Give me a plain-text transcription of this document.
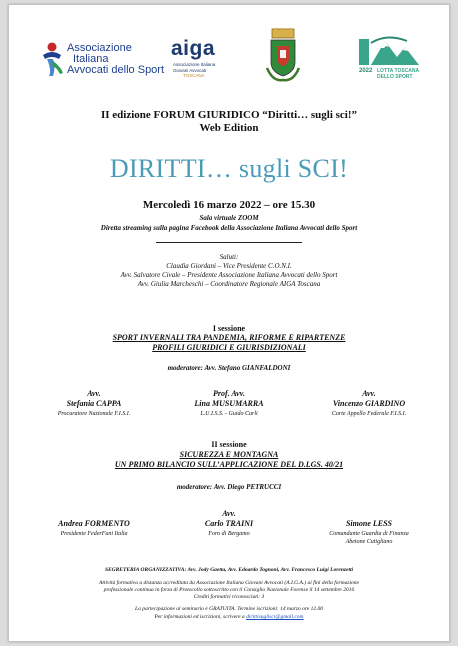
Associazione
Italiana
Avvocati dello Sport
aiga
Associazione Italiana
Giovani Avvocati
TOSCANA
2022 LOTTA TOSCANA
DELLO SPORT
II edizione FORUM GIURIDICO “Diritti… sugli sci!”
Web Edition
DIRITTI… sugli SCI!
Mercoledì 16 marzo 2022 – ore 15.30
Sala virtuale ZOOM
Diretta streaming sulla pagina Facebook della Associazione Italiana Avvocati dello Sport
Saluti:
Claudia Giordani – Vice Presidente C.O.N.I.
Avv. Salvatore Civale – Presidente Associazione Italiana Avvocati dello Sport
Avv. Giulia Marcheschi – Coordinatore Regionale AIGA Toscana
I sessione
SPORT INVERNALI TRA PANDEMIA, RIFORME E RIPARTENZE
PROFILI GIURIDICI E GIURISDIZIONALI
moderatore: Avv. Stefano GIANFALDONI
Avv.
Stefania CAPPA
Procuratore Nazionale F.I.S.I.
Prof. Avv.
Lina MUSUMARRA
L.U.I.S.S. - Guido Carli
Avv.
Vincenzo GIARDINO
Corte Appello Federale F.I.S.I.
II sessione
SICUREZZA E MONTAGNA
UN PRIMO BILANCIO SULL’APPLICAZIONE DEL D.LGS. 40/21
moderatore: Avv. Diego PETRUCCI
Andrea FORMENTO
Presidente FederFuni Italia
Avv.
Carlo TRAINI
Foro di Bergamo
Simone LESS
Comandante Guardia di Finanza
Abetone Cutigliano
SEGRETERIA ORGANIZZATIVA: Avv. Jody Gaetta, Avv. Edoardo Tognoni, Avv. Francesco Luigi Lorenzetti
Attività formativa a distanza accreditata da Associazione Italiana Giovani Avvocati (A.I.G.A.) ai fini della formazione
professionale continua in forza di Protocollo sottoscritto con il Consiglio Nazionale Forense il 14 settembre 2016
Crediti formativi riconosciuti: 3
La partecipazione al seminario è GRATUITA. Termine iscrizioni: 14 marzo ore 12.00
Per informazioni ed iscrizioni, scrivere a dirittisuglisci@gmail.com
